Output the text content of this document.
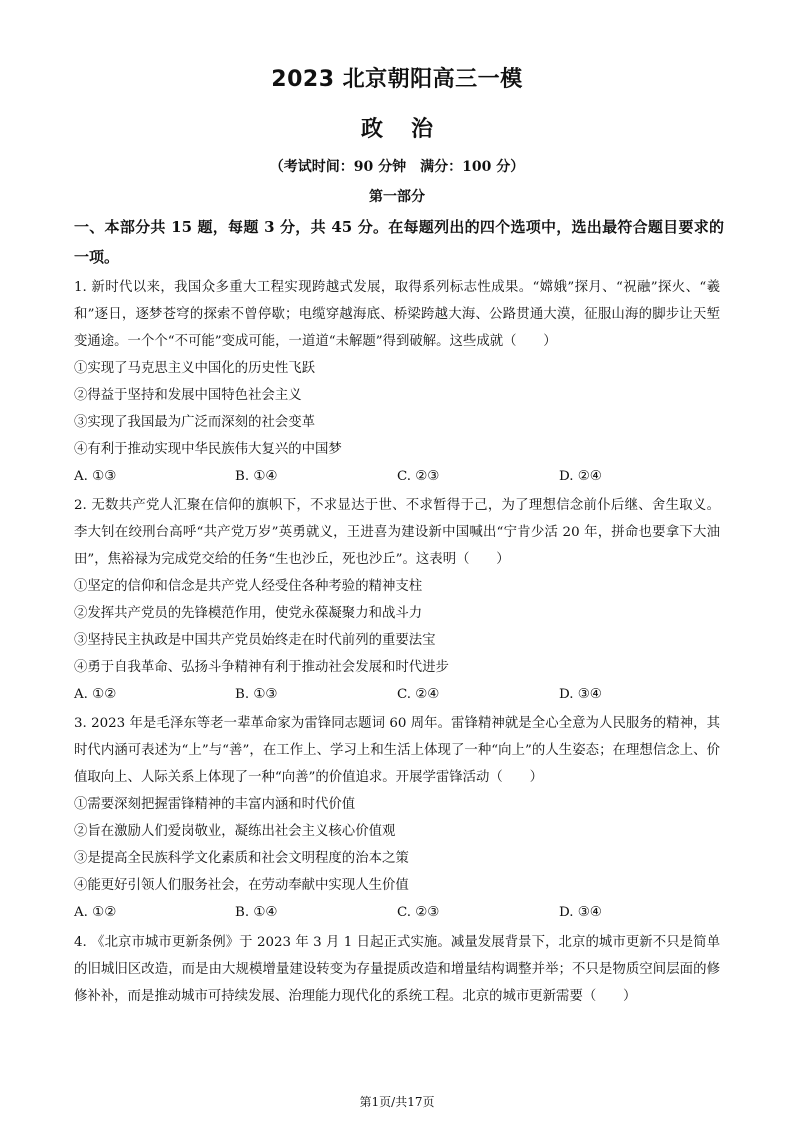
2023 北京朝阳高三一模
政治
（考试时间：90 分钟　满分：100 分）
第一部分
一、本部分共 15 题，每题 3 分，共 45 分。在每题列出的四个选项中，选出最符合题目要求的一项。

1. 新时代以来，我国众多重大工程实现跨越式发展，取得系列标志性成果。“嫦娥”探月、“祝融”探火、“羲和”逐日，逐梦苍穹的探索不曾停歇；电缆穿越海底、桥梁跨越大海、公路贯通大漠，征服山海的脚步让天堑变通途。一个个“不可能”变成可能，一道道“未解题”得到破解。这些成就（　　）

①实现了马克思主义中国化的历史性飞跃
②得益于坚持和发展中国特色社会主义
③实现了我国最为广泛而深刻的社会变革
④有利于推动实现中华民族伟大复兴的中国梦
A. ①③	B. ①④	C. ②③	D. ②④

2. 无数共产党人汇聚在信仰的旗帜下，不求显达于世、不求暂得于己，为了理想信念前仆后继、舍生取义。李大钊在绞刑台高呼“共产党万岁”英勇就义，王进喜为建设新中国喊出“宁肯少活 20 年，拼命也要拿下大油田”，焦裕禄为完成党交给的任务“生也沙丘，死也沙丘”。这表明（　　）

①坚定的信仰和信念是共产党人经受住各种考验的精神支柱
②发挥共产党员的先锋模范作用，使党永葆凝聚力和战斗力
③坚持民主执政是中国共产党员始终走在时代前列的重要法宝
④勇于自我革命、弘扬斗争精神有利于推动社会发展和时代进步
A. ①②	B. ①③	C. ②④	D. ③④

3. 2023 年是毛泽东等老一辈革命家为雷锋同志题词 60 周年。雷锋精神就是全心全意为人民服务的精神，其时代内涵可表述为“上”与“善”，在工作上、学习上和生活上体现了一种“向上”的人生姿态；在理想信念上、价值取向上、人际关系上体现了一种“向善”的价值追求。开展学雷锋活动（　　）

①需要深刻把握雷锋精神的丰富内涵和时代价值
②旨在激励人们爱岗敬业，凝练出社会主义核心价值观
③是提高全民族科学文化素质和社会文明程度的治本之策
④能更好引领人们服务社会，在劳动奉献中实现人生价值
A. ①②	B. ①④	C. ②③	D. ③④

4. 《北京市城市更新条例》于 2023 年 3 月 1 日起正式实施。减量发展背景下，北京的城市更新不只是简单的旧城旧区改造，而是由大规模增量建设转变为存量提质改造和增量结构调整并举；不只是物质空间层面的修修补补，而是推动城市可持续发展、治理能力现代化的系统工程。北京的城市更新需要（　　）

第1页/共17页
